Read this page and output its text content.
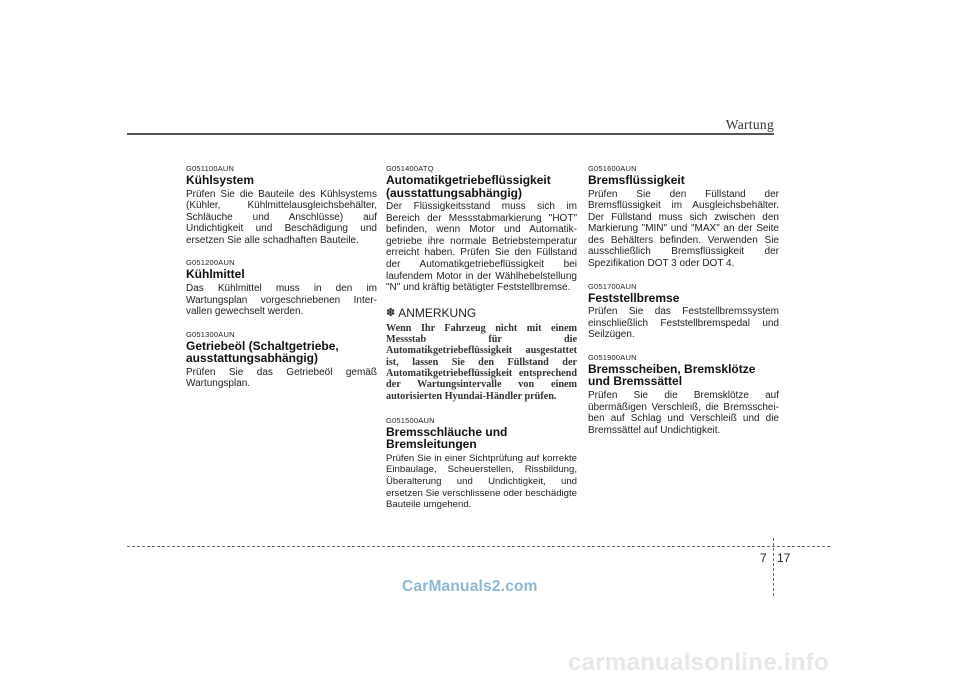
Wartung
G051100AUN
Kühlsystem
Prüfen Sie die Bauteile des Kühlsystems (Kühler, Kühlmittelausgleichsbehälter, Schläuche und Anschlüsse) auf Undichtigkeit und Beschädigung und ersetzen Sie alle schadhaften Bauteile.
G051200AUN
Kühlmittel
Das Kühlmittel muss in den im Wartungsplan vorgeschriebenen Inter-vallen gewechselt werden.
G051300AUN
Getriebeöl (Schaltgetriebe, ausstattungsabhängig)
Prüfen Sie das Getriebeöl gemäß Wartungsplan.
G051400ATQ
Automatikgetriebeflüssigkeit (ausstattungsabhängig)
Der Flüssigkeitsstand muss sich im Bereich der Messstabmarkierung "HOT" befinden, wenn Motor und Automatik-getriebe ihre normale Betriebstemperatur erreicht haben. Prüfen Sie den Füllstand der Automatikgetriebeflüssigkeit bei laufendem Motor in der Wählhebelstellung "N" und kräftig betätigter Feststellbremse.
✽ ANMERKUNG
Wenn Ihr Fahrzeug nicht mit einem Messstab für die Automatikgetriebeflüssigkeit ausgestattet ist, lassen Sie den Füllstand der Automatikgetriebeflüssigkeit entsprechend der Wartungsintervalle von einem autorisierten Hyundai-Händler prüfen.
G051500AUN
Bremsschläuche und Bremsleitungen
Prüfen Sie in einer Sichtprüfung auf korrekte Einbaulage, Scheuerstellen, Rissbildung, Überalterung und Undichtigkeit, und ersetzen Sie verschlissene oder beschädigte Bauteile umgehend.
G051600AUN
Bremsflüssigkeit
Prüfen Sie den Füllstand der Bremsflüssigkeit im Ausgleichsbehälter. Der Füllstand muss sich zwischen den Markierung "MIN" und "MAX" an der Seite des Behälters befinden. Verwenden Sie ausschließlich Bremsflüssigkeit der Spezifikation DOT 3 oder DOT 4.
G051700AUN
Feststellbremse
Prüfen Sie das Feststellbremssystem einschließlich Feststellbremspedal und Seilzügen.
G051900AUN
Bremsscheiben, Bremsklötze und Bremssättel
Prüfen Sie die Bremsklötze auf übermäßigen Verschleiß, die Bremsschei-ben auf Schlag und Verschleiß und die Bremssättel auf Undichtigkeit.
7 17
CarManuals2.com
carmanualsonline.info
